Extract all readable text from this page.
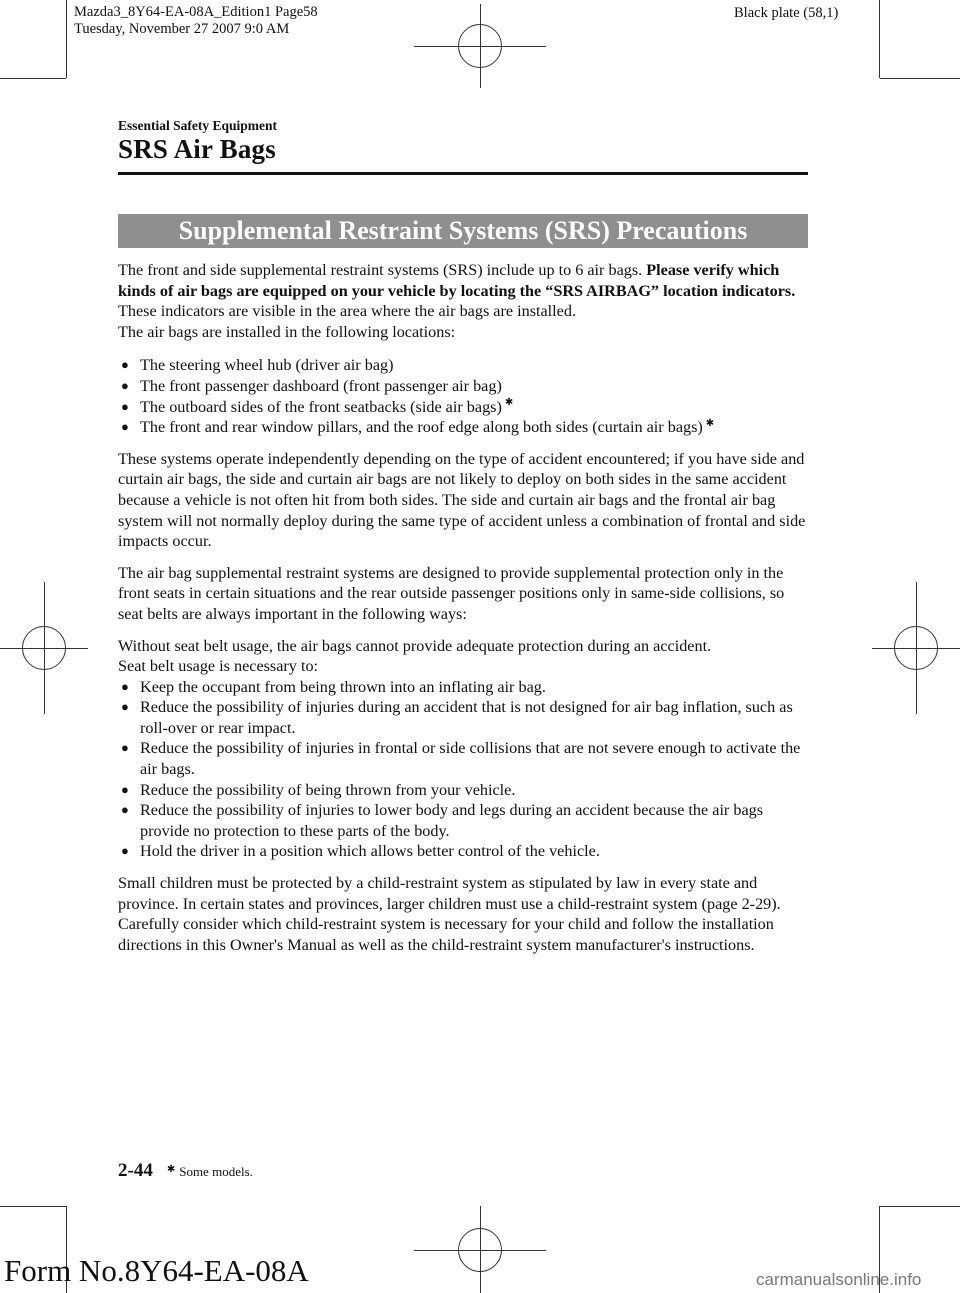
Mazda3_8Y64-EA-08A_Edition1 Page58
Tuesday, November 27 2007 9:0 AM
Black plate (58,1)
Essential Safety Equipment
SRS Air Bags
Supplemental Restraint Systems (SRS) Precautions

The front and side supplemental restraint systems (SRS) include up to 6 air bags. Please verify which kinds of air bags are equipped on your vehicle by locating the “SRS AIRBAG” location indicators. These indicators are visible in the area where the air bags are installed.

The air bags are installed in the following locations:

● The steering wheel hub (driver air bag)
● The front passenger dashboard (front passenger air bag)
● The outboard sides of the front seatbacks (side air bags) ✱
● The front and rear window pillars, and the roof edge along both sides (curtain air bags) ✱

These systems operate independently depending on the type of accident encountered; if you have side and curtain air bags, the side and curtain air bags are not likely to deploy on both sides in the same accident because a vehicle is not often hit from both sides. The side and curtain air bags and the frontal air bag system will not normally deploy during the same type of accident unless a combination of frontal and side impacts occur.

The air bag supplemental restraint systems are designed to provide supplemental protection only in the front seats in certain situations and the rear outside passenger positions only in same-side collisions, so seat belts are always important in the following ways:

Without seat belt usage, the air bags cannot provide adequate protection during an accident.

Seat belt usage is necessary to:

● Keep the occupant from being thrown into an inflating air bag.
● Reduce the possibility of injuries during an accident that is not designed for air bag inflation, such as roll-over or rear impact.
● Reduce the possibility of injuries in frontal or side collisions that are not severe enough to activate the air bags.
● Reduce the possibility of being thrown from your vehicle.
● Reduce the possibility of injuries to lower body and legs during an accident because the air bags provide no protection to these parts of the body.
● Hold the driver in a position which allows better control of the vehicle.

Small children must be protected by a child-restraint system as stipulated by law in every state and province. In certain states and provinces, larger children must use a child-restraint system (page 2-29).

Carefully consider which child-restraint system is necessary for your child and follow the installation directions in this Owner's Manual as well as the child-restraint system manufacturer's instructions.

2-44 ✱ Some models.
Form No.8Y64-EA-08A	carmanualsonline.info
